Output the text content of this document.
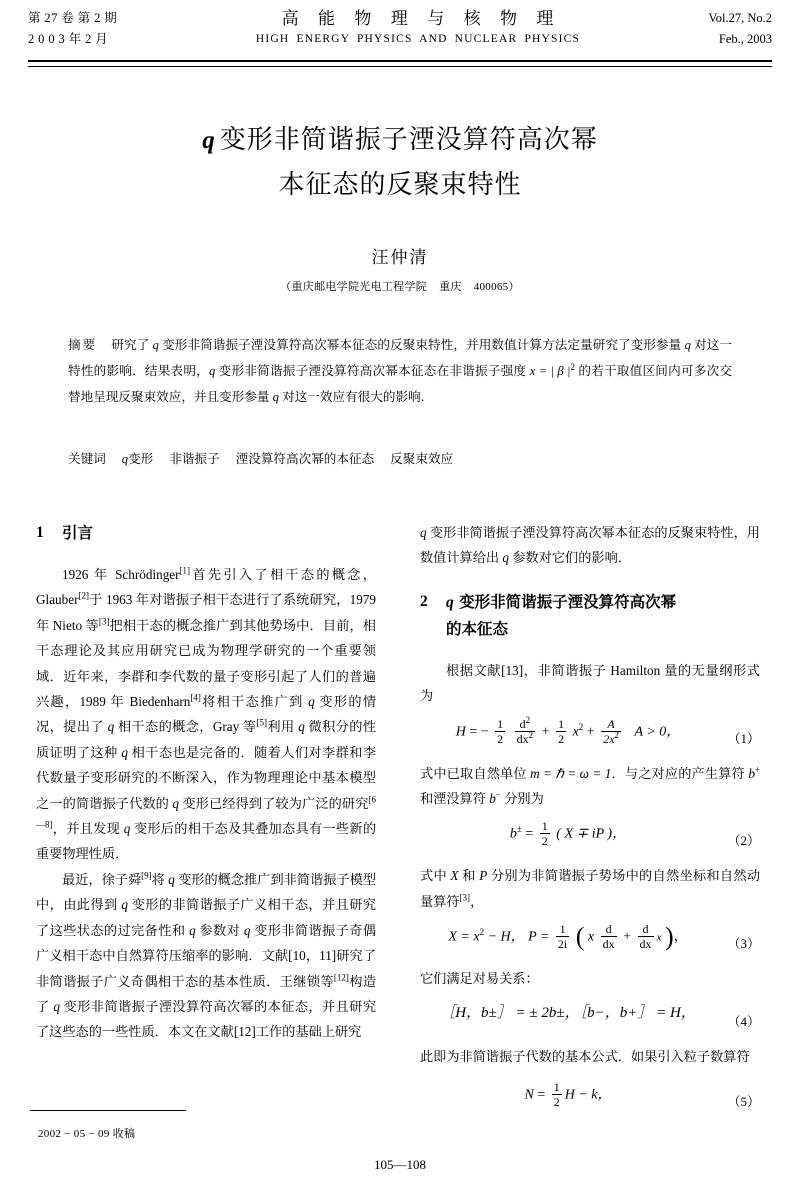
第 27 卷 第 2 期
2 0 0 3 年 2 月
高 能 物 理 与 核 物 理
HIGH ENERGY PHYSICS AND NUCLEAR PHYSICS
Vol.27, No.2
Feb., 2003
q 变形非简谐振子湮没算符高次幂
本征态的反聚束特性
汪仲清
（重庆邮电学院光电工程学院 重庆 400065）
摘要 研究了 q 变形非简谐振子湮没算符高次幂本征态的反聚束特性，并用数值计算方法定量研究了变形参量 q 对这一特性的影响．结果表明，q 变形非简谐振子湮没算符高次幂本征态在非谐振子强度 x = | β |$^2$ 的若干取值区间内可多次交替地呈现反聚束效应，并且变形参量 q 对这一效应有很大的影响．
关键词 q变形 非谐振子 湮没算符高次幂的本征态 反聚束效应
1	引言

1926 年 Schrödinger[1]首先引入了相干态的概念，Glauber[2]于 1963 年对谐振子相干态进行了系统研究，1979 年 Nieto 等[3]把相干态的概念推广到其他势场中．目前，相干态理论及其应用研究已成为物理学研究的一个重要领域．近年来，李群和李代数的量子变形引起了人们的普遍兴趣，1989 年 Biedenharn[4]将相干态推广到 q 变形的情况，提出了 q 相干态的概念，Gray 等[5]利用 q 微积分的性质证明了这种 q 相干态也是完备的．随着人们对李群和李代数量子变形研究的不断深入，作为物理理论中基本模型之一的简谐振子代数的 q 变形已经得到了较为广泛的研究[6—8]，并且发现 q 变形后的相干态及其叠加态具有一些新的重要物理性质．

最近，徐子舜[9]将 q 变形的概念推广到非简谐振子模型中，由此得到 q 变形的非简谐振子广义相干态，并且研究了这些状态的过完备性和 q 参数对 q 变形非简谐振子奇偶广义相干态中自然算符压缩率的影响．文献[10，11]研究了非简谐振子广义奇偶相干态的基本性质．王继锁等[12]构造了 q 变形非简谐振子湮没算符高次幂的本征态，并且研究了这些态的一些性质．本文在文献[12]工作的基础上研究

q 变形非简谐振子湮没算符高次幂本征态的反聚束特性，用数值计算给出 q 参数对它们的影响．

2	q 变形非简谐振子湮没算符高次幂
的本征态

根据文献[13]，非简谐振子 Hamilton 量的无量纲形式为

H = − $\frac{1}{2}$
$\frac{d^2}{dx^2} + \frac{1}{2} x^2 + \frac{A}{2x^2}$ A > 0，	（1）

式中已取自然单位 m = ℏ = ω = 1．与之对应的产生算符 b+ 和湮没算符 b− 分别为

$b^\pm = \frac{1}{2}$ ( X ∓ iP )，	（2）

式中 X 和 P 分别为非简谐振子势场中的自然坐标和自然动量算符[3]，

$X = x^2 - H$， $P = \frac{1}{2i}$ ( x $\frac{d}{dx} + \frac{d}{dx}$ x )，	（3）

它们满足对易关系：

［H，b±］ = ± 2b±，［b−，b+］ = H，
（4）

此即为非简谐振子代数的基本公式．如果引入粒子数算符

$N = \frac{1}{2}$ H − k，	（5）
2002 − 05 − 09 收稿
105—108
